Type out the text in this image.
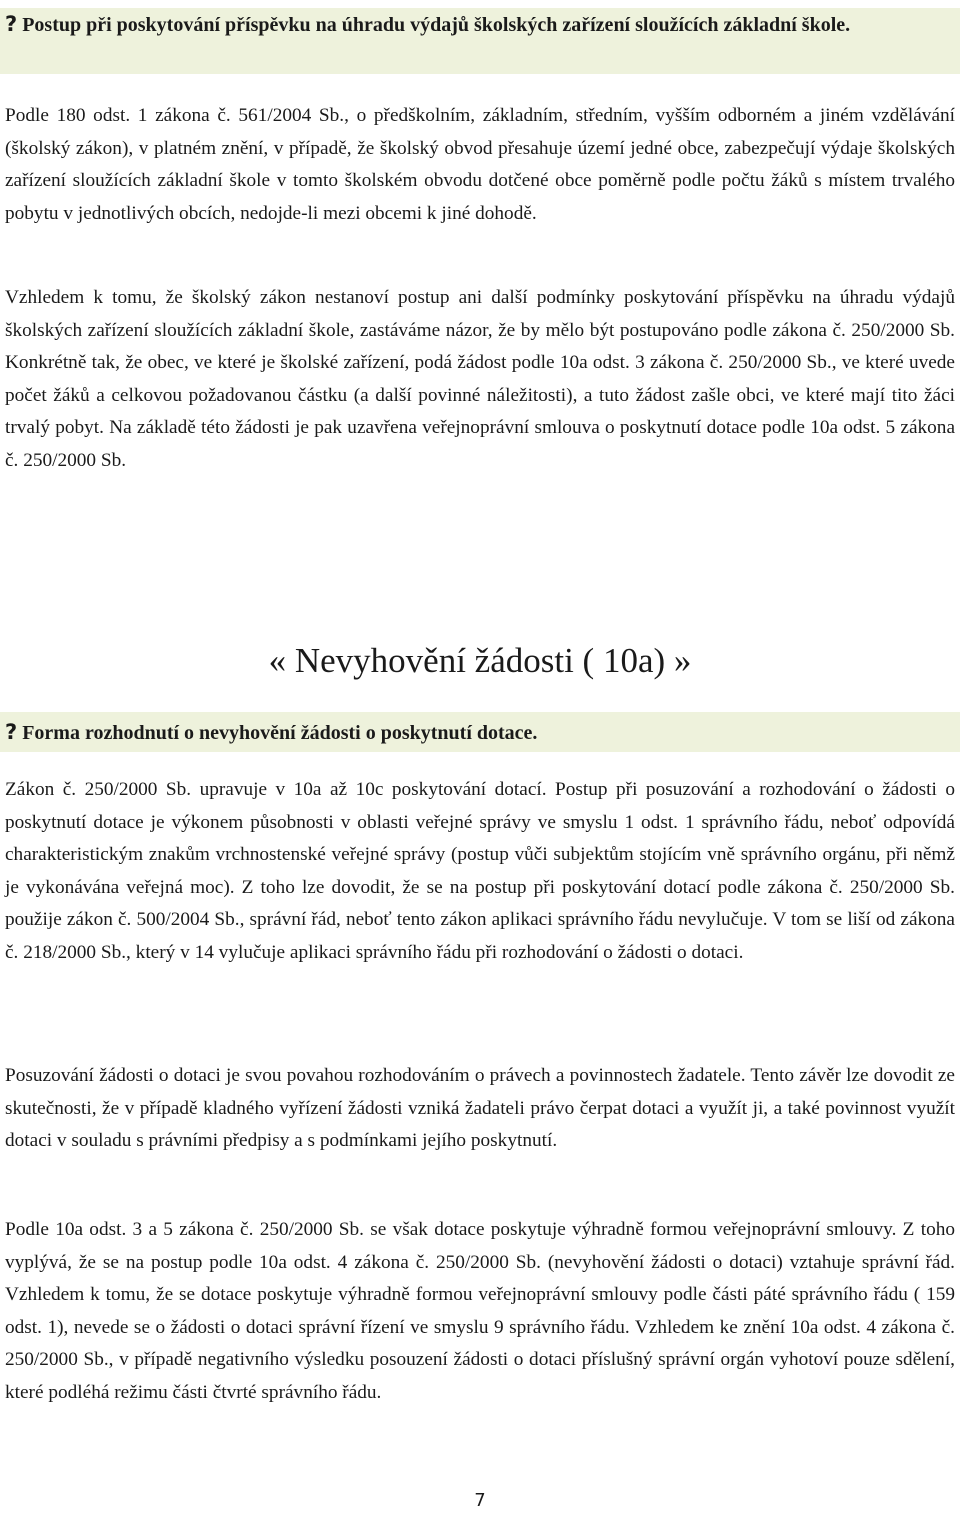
? Postup při poskytování příspěvku na úhradu výdajů školských zařízení sloužících základní škole.

Podle 180 odst. 1 zákona č. 561/2004 Sb., o předškolním, základním, středním, vyšším odborném a jiném vzdělávání (školský zákon), v platném znění, v případě, že školský obvod přesahuje území jedné obce, zabezpečují výdaje školských zařízení sloužících základní škole v tomto školském obvodu dotčené obce poměrně podle počtu žáků s místem trvalého pobytu v jednotlivých obcích, nedojde-li mezi obcemi k jiné dohodě.

Vzhledem k tomu, že školský zákon nestanoví postup ani další podmínky poskytování příspěvku na úhradu výdajů školských zařízení sloužících základní škole, zastáváme názor, že by mělo být postupováno podle zákona č. 250/2000 Sb. Konkrétně tak, že obec, ve které je školské zařízení, podá žádost podle 10a odst. 3 zákona č. 250/2000 Sb., ve které uvede počet žáků a celkovou požadovanou částku (a další povinné náležitosti), a tuto žádost zašle obci, ve které mají tito žáci trvalý pobyt. Na základě této žádosti je pak uzavřena veřejnoprávní smlouva o poskytnutí dotace podle 10a odst. 5 zákona č. 250/2000 Sb.

« Nevyhovění žádosti ( 10a) »
? Forma rozhodnutí o nevyhovění žádosti o poskytnutí dotace.

Zákon č. 250/2000 Sb. upravuje v 10a až 10c poskytování dotací. Postup při posuzování a rozhodování o žádosti o poskytnutí dotace je výkonem působnosti v oblasti veřejné správy ve smyslu 1 odst. 1 správního řádu, neboť odpovídá charakteristickým znakům vrchnostenské veřejné správy (postup vůči subjektům stojícím vně správního orgánu, při němž je vykonávána veřejná moc). Z toho lze dovodit, že se na postup při poskytování dotací podle zákona č. 250/2000 Sb. použije zákon č. 500/2004 Sb., správní řád, neboť tento zákon aplikaci správního řádu nevylučuje. V tom se liší od zákona č. 218/2000 Sb., který v 14 vylučuje aplikaci správního řádu při rozhodování o žádosti o dotaci.

Posuzování žádosti o dotaci je svou povahou rozhodováním o právech a povinnostech žadatele. Tento závěr lze dovodit ze skutečnosti, že v případě kladného vyřízení žádosti vzniká žadateli právo čerpat dotaci a využít ji, a také povinnost využít dotaci v souladu s právními předpisy a s podmínkami jejího poskytnutí.

Podle 10a odst. 3 a 5 zákona č. 250/2000 Sb. se však dotace poskytuje výhradně formou veřejnoprávní smlouvy. Z toho vyplývá, že se na postup podle 10a odst. 4 zákona č. 250/2000 Sb. (nevyhovění žádosti o dotaci) vztahuje správní řád. Vzhledem k tomu, že se dotace poskytuje výhradně formou veřejnoprávní smlouvy podle části páté správního řádu ( 159 odst. 1), nevede se o žádosti o dotaci správní řízení ve smyslu 9 správního řádu. Vzhledem ke znění 10a odst. 4 zákona č. 250/2000 Sb., v případě negativního výsledku posouzení žádosti o dotaci příslušný správní orgán vyhotoví pouze sdělení, které podléhá režimu části čtvrté správního řádu.

7
